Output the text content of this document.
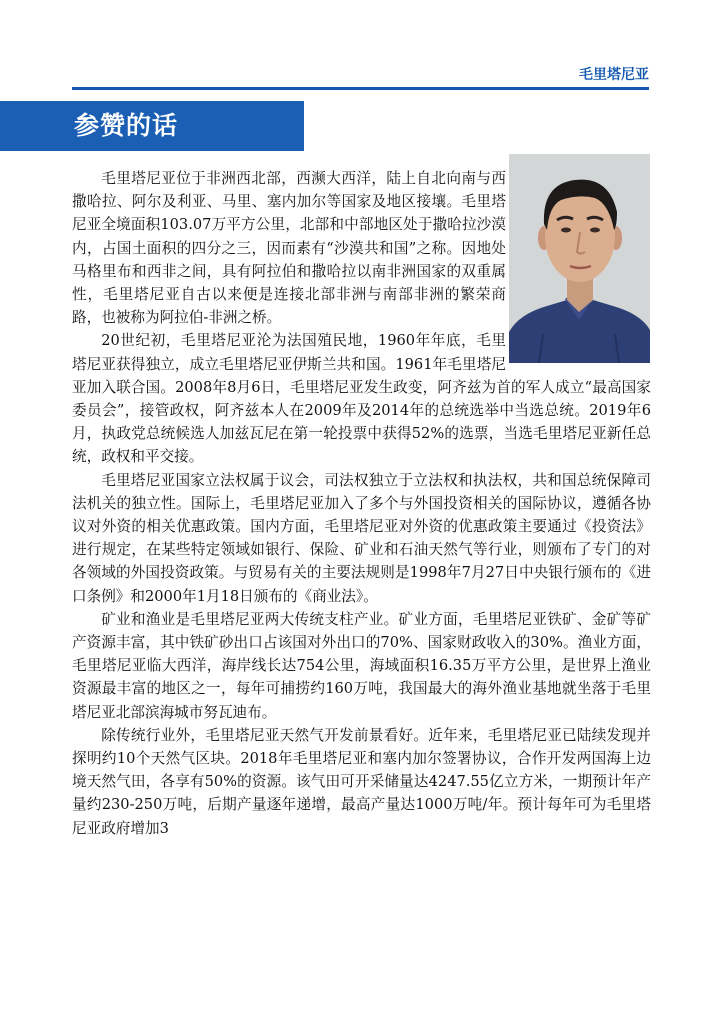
毛里塔尼亚
参赞的话

毛里塔尼亚位于非洲西北部，西濒大西洋，陆上自北向南与西撒哈拉、阿尔及利亚、马里、塞内加尔等国家及地区接壤。毛里塔尼亚全境面积103.07万平方公里，北部和中部地区处于撒哈拉沙漠内，占国土面积的四分之三，因而素有“沙漠共和国”之称。因地处马格里布和西非之间，具有阿拉伯和撒哈拉以南非洲国家的双重属性，毛里塔尼亚自古以来便是连接北部非洲与南部非洲的繁荣商路，也被称为阿拉伯-非洲之桥。

20世纪初，毛里塔尼亚沦为法国殖民地，1960年年底，毛里塔尼亚获得独立，成立毛里塔尼亚伊斯兰共和国。1961年毛里塔尼亚加入联合国。2008年8月6日，毛里塔尼亚发生政变，阿齐兹为首的军人成立“最高国家委员会”，接管政权，阿齐兹本人在2009年及2014年的总统选举中当选总统。2019年6月，执政党总统候选人加兹瓦尼在第一轮投票中获得52%的选票，当选毛里塔尼亚新任总统，政权和平交接。

毛里塔尼亚国家立法权属于议会，司法权独立于立法权和执法权，共和国总统保障司法机关的独立性。国际上，毛里塔尼亚加入了多个与外国投资相关的国际协议，遵循各协议对外资的相关优惠政策。国内方面，毛里塔尼亚对外资的优惠政策主要通过《投资法》进行规定，在某些特定领域如银行、保险、矿业和石油天然气等行业，则颁布了专门的对各领域的外国投资政策。与贸易有关的主要法规则是1998年7月27日中央银行颁布的《进口条例》和2000年1月18日颁布的《商业法》。

矿业和渔业是毛里塔尼亚两大传统支柱产业。矿业方面，毛里塔尼亚铁矿、金矿等矿产资源丰富，其中铁矿砂出口占该国对外出口的70%、国家财政收入的30%。渔业方面，毛里塔尼亚临大西洋，海岸线长达754公里，海域面积16.35万平方公里，是世界上渔业资源最丰富的地区之一，每年可捕捞约160万吨，我国最大的海外渔业基地就坐落于毛里塔尼亚北部滨海城市努瓦迪布。

除传统行业外，毛里塔尼亚天然气开发前景看好。近年来，毛里塔尼亚已陆续发现并探明约10个天然气区块。2018年毛里塔尼亚和塞内加尔签署协议，合作开发两国海上边境天然气田，各享有50%的资源。该气田可开采储量达4247.55亿立方米，一期预计年产量约230-250万吨，后期产量逐年递增，最高产量达1000万吨/年。预计每年可为毛里塔尼亚政府增加3
